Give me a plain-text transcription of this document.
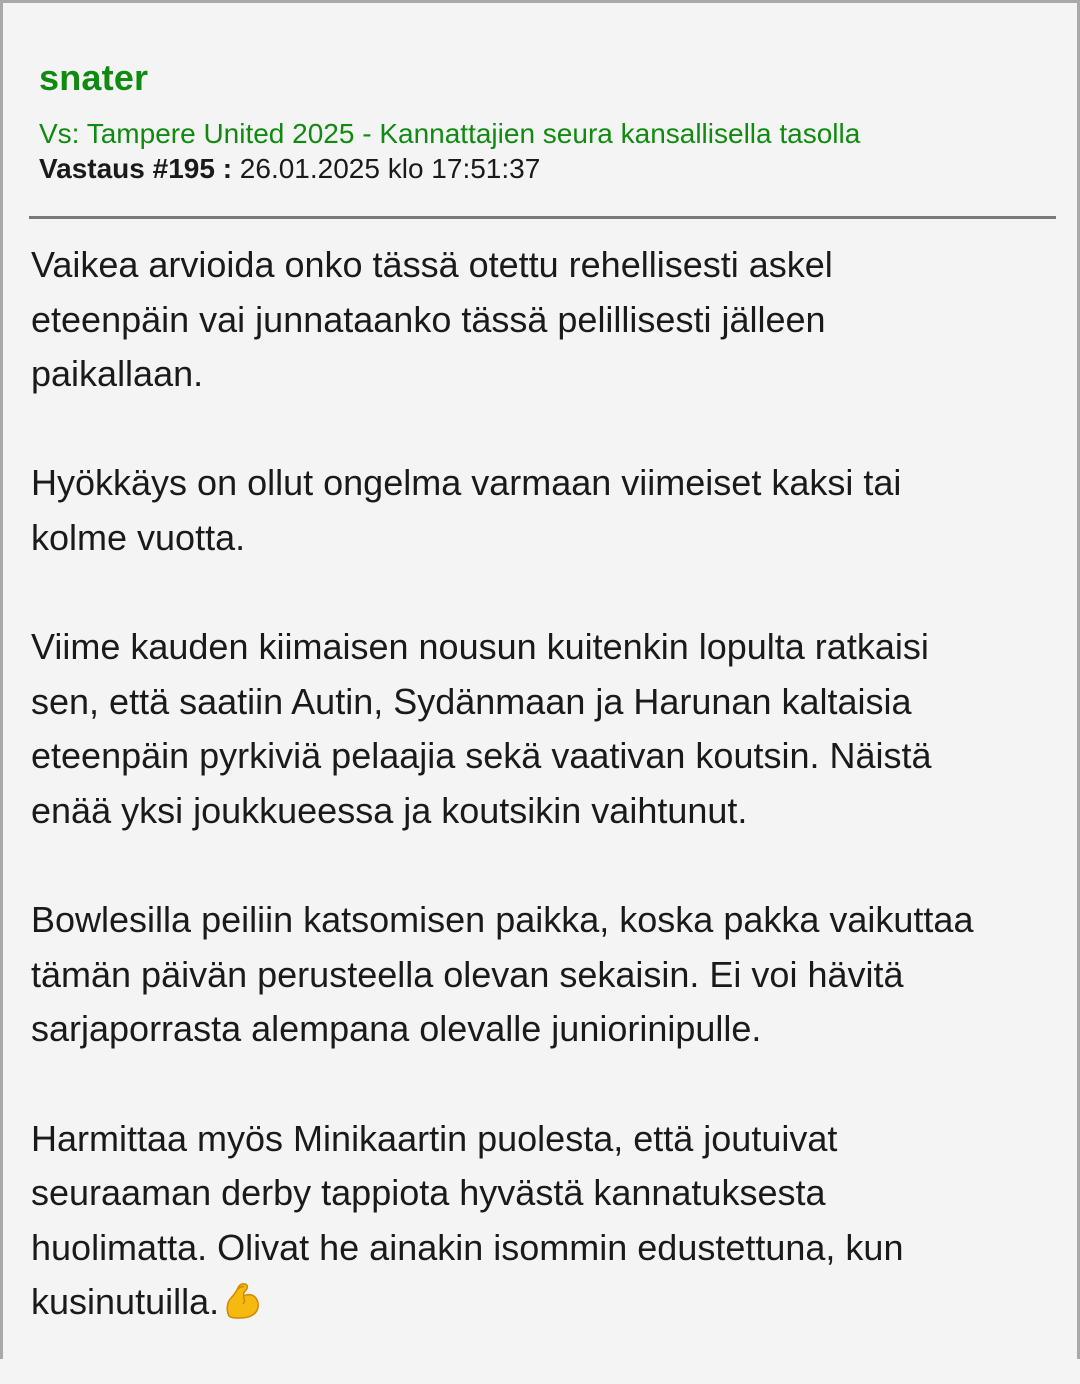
snater
Vs: Tampere United 2025 - Kannattajien seura kansallisella tasolla
Vastaus #195 : 26.01.2025 klo 17:51:37

Vaikea arvioida onko tässä otettu rehellisesti askel
eteenpäin vai junnataanko tässä pelillisesti jälleen
paikallaan.

Hyökkäys on ollut ongelma varmaan viimeiset kaksi tai
kolme vuotta.

Viime kauden kiimaisen nousun kuitenkin lopulta ratkaisi
sen, että saatiin Autin, Sydänmaan ja Harunan kaltaisia
eteenpäin pyrkiviä pelaajia sekä vaativan koutsin. Näistä
enää yksi joukkueessa ja koutsikin vaihtunut.

Bowlesilla peiliin katsomisen paikka, koska pakka vaikuttaa
tämän päivän perusteella olevan sekaisin. Ei voi hävitä
sarjaporrasta alempana olevalle juniorinipulle.

Harmittaa myös Minikaartin puolesta, että joutuivat
seuraaman derby tappiota hyvästä kannatuksesta
huolimatta. Olivat he ainakin isommin edustettuna, kun
kusinutuilla.
